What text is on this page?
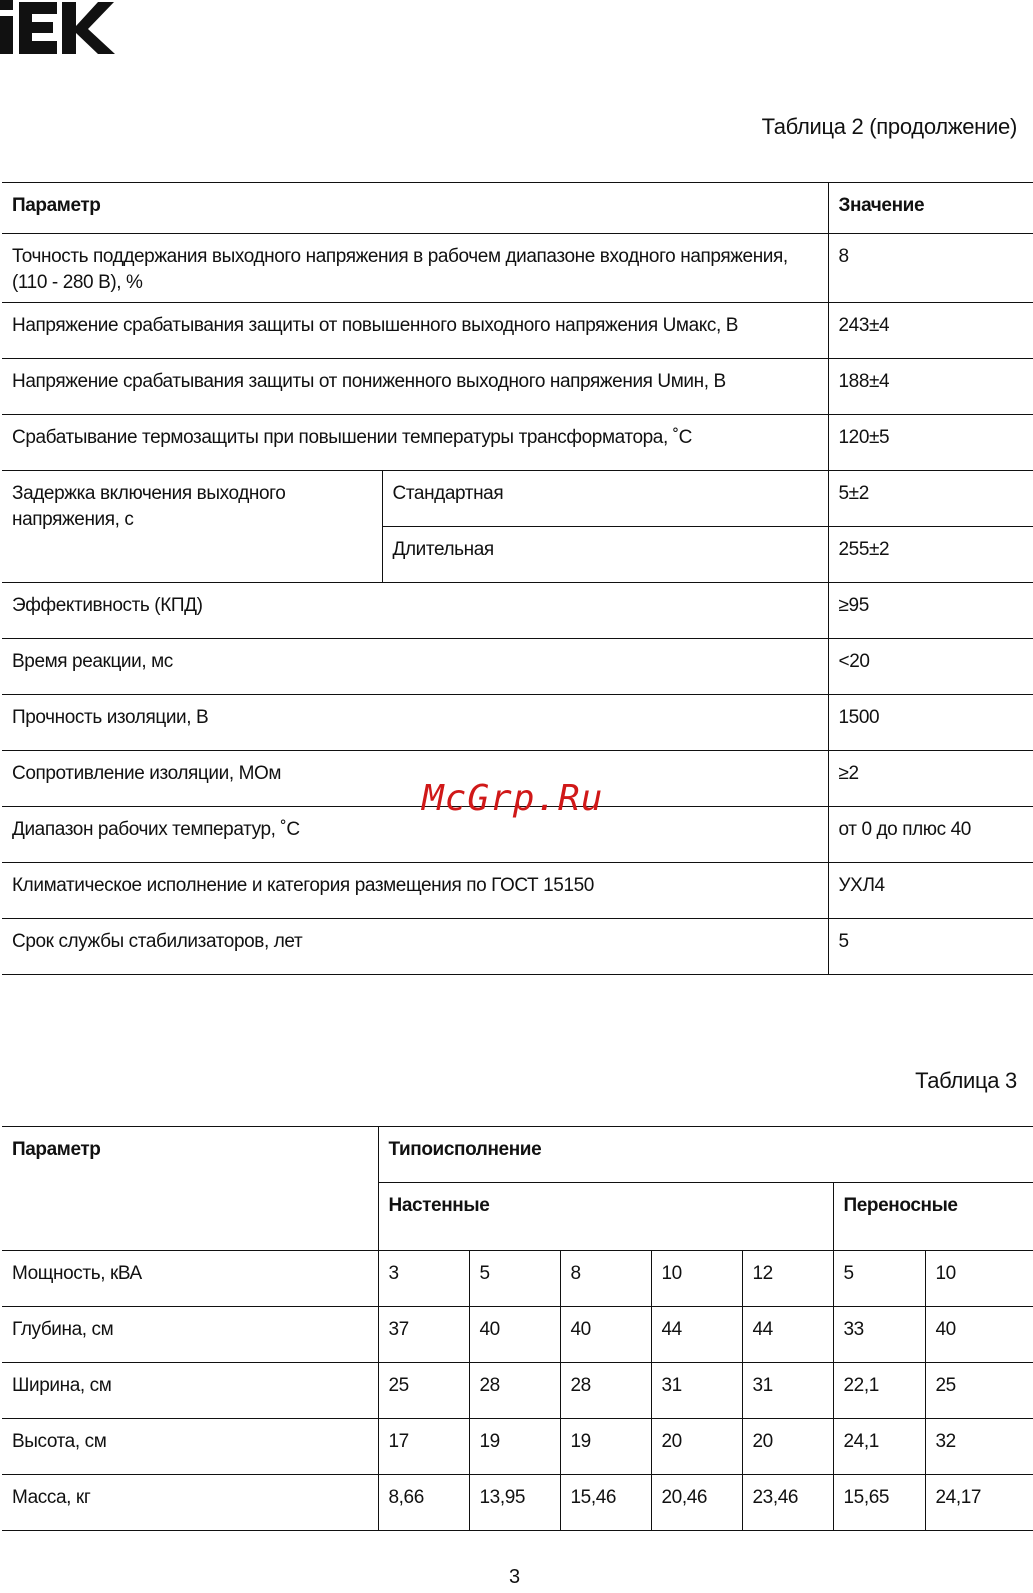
Таблица 2 (продолжение)
Параметр		Значение
Точность поддержания выходного напряжения в рабочем диапазоне входного напряжения, (110 - 280 В), %		8
Напряжение срабатывания защиты от повышенного выходного напряжения Uмакс, В		243±4
Напряжение срабатывания защиты от пониженного выходного напряжения Uмин, В		188±4
Срабатывание термозащиты при повышении температуры трансформатора, ˚С		120±5
Задержка включения выходного напряжения, с	Стандартная	5±2
	Длительная	255±2
Эффективность (КПД)		≥95
Время реакции, мс		<20
Прочность изоляции, В		1500
Сопротивление изоляции, МОм		≥2
Диапазон рабочих температур, ˚С		от 0 до плюс 40
Климатическое исполнение и категория размещения по ГОСТ 15150		УХЛ4
Срок службы стабилизаторов, лет		5
McGrp.Ru
Таблица 3
Параметр	Типоисполнение						
	Настенные					Переносные	
Мощность, кВА	3	5	8	10	12	5	10
Глубина, см	37	40	40	44	44	33	40
Ширина, см	25	28	28	31	31	22,1	25
Высота, см	17	19	19	20	20	24,1	32
Масса, кг	8,66	13,95	15,46	20,46	23,46	15,65	24,17
3
